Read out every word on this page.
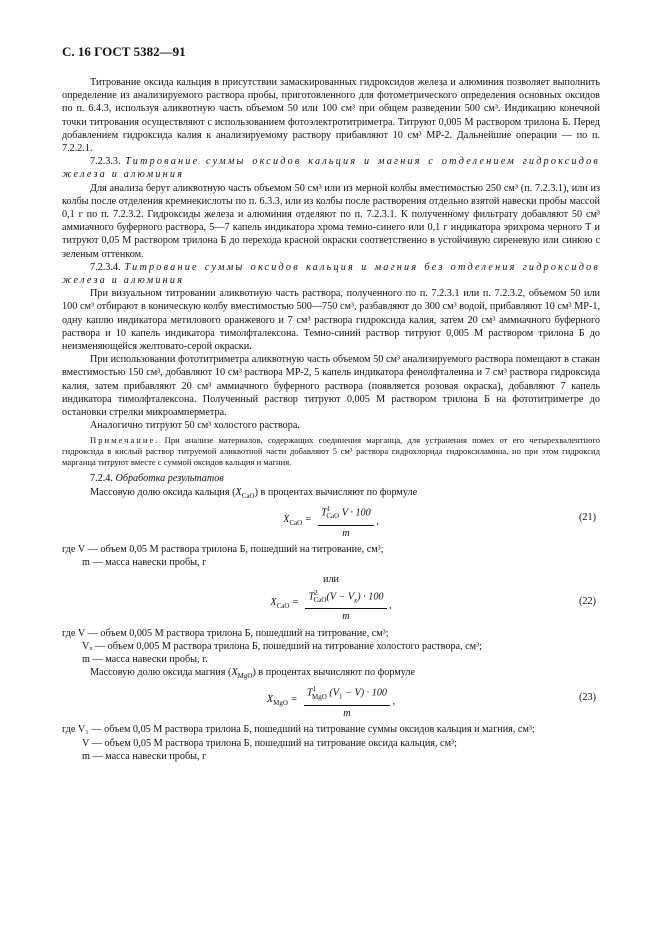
С. 16 ГОСТ 5382—91

Титрование оксида кальция в присутствии замаскированных гидроксидов железа и алюминия позволяет выполнить определение из анализируемого раствора пробы, приготовленного для фотометрического определения основных оксидов по п. 6.4.3, используя аликвотную часть объемом 50 или 100 см³ при общем разведении 500 см³. Индикацию конечной точки титрования осуществляют с использованием фотоэлектротитриметра. Титруют 0,005 М раствором трилона Б. Перед добавлением гидроксида калия к анализируемому раствору прибавляют 10 см³ МР-2. Дальнейшие операции — по п. 7.2.2.1.

7.2.3.3. Титрование суммы оксидов кальция и магния с отделением гидроксидов железа и алюминия

Для анализа берут аликвотную часть объемом 50 см³ или из мерной колбы вместимостью 250 см³ (п. 7.2.3.1), или из колбы после отделения кремнекислоты по п. 6.3.3, или из колбы после растворения отдельно взятой навески пробы массой 0,1 г по п. 7.2.3.2. Гидроксиды железа и алюминия отделяют по п. 7.2.3.1. К полученному фильтрату добавляют 50 см³ аммиачного буферного раствора, 5—7 капель индикатора хрома темно-синего или 0,1 г индикатора эрихрома черного Т и титруют 0,05 М раствором трилона Б до перехода красной окраски соответственно в устойчивую сиреневую или синюю с зеленым оттенком.

7.2.3.4. Титрование суммы оксидов кальция и магния без отделения гидроксидов железа и алюминия

При визуальном титровании аликвотную часть раствора, полученного по п. 7.2.3.1 или п. 7.2.3.2, объемом 50 или 100 см³ отбирают в коническую колбу вместимостью 500—750 см³, разбавляют до 300 см³ водой, прибавляют 10 см³ МР-1, одну каплю индикатора метилового оранжевого и 7 см³ раствора гидроксида калия, затем 20 см³ аммиачного буферного раствора и 10 капель индикатора тимолфталексона. Темно-синий раствор титруют 0,005 М раствором трилона Б до неизменяющейся желтовато-серой окраски.

При использовании фототитриметра аликвотную часть объемом 50 см³ анализируемого раствора помещают в стакан вместимостью 150 см³, добавляют 10 см³ раствора МР-2, 5 капель индикатора фенолфталеина и 7 см³ раствора гидроксида калия, затем прибавляют 20 см³ аммиачного буферного раствора (появляется розовая окраска), добавляют 7 капель индикатора тимолфталексона. Полученный раствор титруют 0,005 М раствором трилона Б на фототитриметре до остановки стрелки микроамперметра.

Аналогично титруют 50 см³ холостого раствора.

Примечание. При анализе материалов, содержащих соединения марганца, для устранения помех от его четырехвалентного гидроксида в кислый раствор титруемой аликвотной части добавляют 5 см³ раствора гидрохлорида гидроксиламина, но при этом гидроксид марганца титруют вместе с суммой оксидов кальция и магния.

7.2.4. Обработка результатов

Массовую долю оксида кальция $(X_{CaO})$ в процентах вычисляют по формуле

$X_{CaO} = \frac{T^1_{CaO} V \cdot 100}{m}$ ,	(21)
где V —
объем 0,05 М раствора трилона Б, пошедший на титрование, см³;
m —
масса навески пробы, г
или
$X_{CaO} = \frac{T^2_{CaO}(V - V_x) \cdot 100}{m}$ ,	(22)
где V —
объем 0,005 М раствора трилона Б, пошедший на титрование, см³;
Vₓ —
объем 0,005 М раствора трилона Б, пошедший на титрование холостого раствора, см³;
m —
масса навески пробы, г.

Массовую долю оксида магния $(X_{MgO})$ в процентах вычисляют по формуле

$X_{MgO} = \frac{T^1_{MgO} (V_1 - V) \cdot 100}{m}$ ,	(23)
где V₁ —
объем 0,05 М раствора трилона Б, пошедший на титрование суммы оксидов кальция и магния, см³;
V —
объем 0,05 М раствора трилона Б, пошедший на титрование оксида кальция, см³;
m —
масса навески пробы, г
